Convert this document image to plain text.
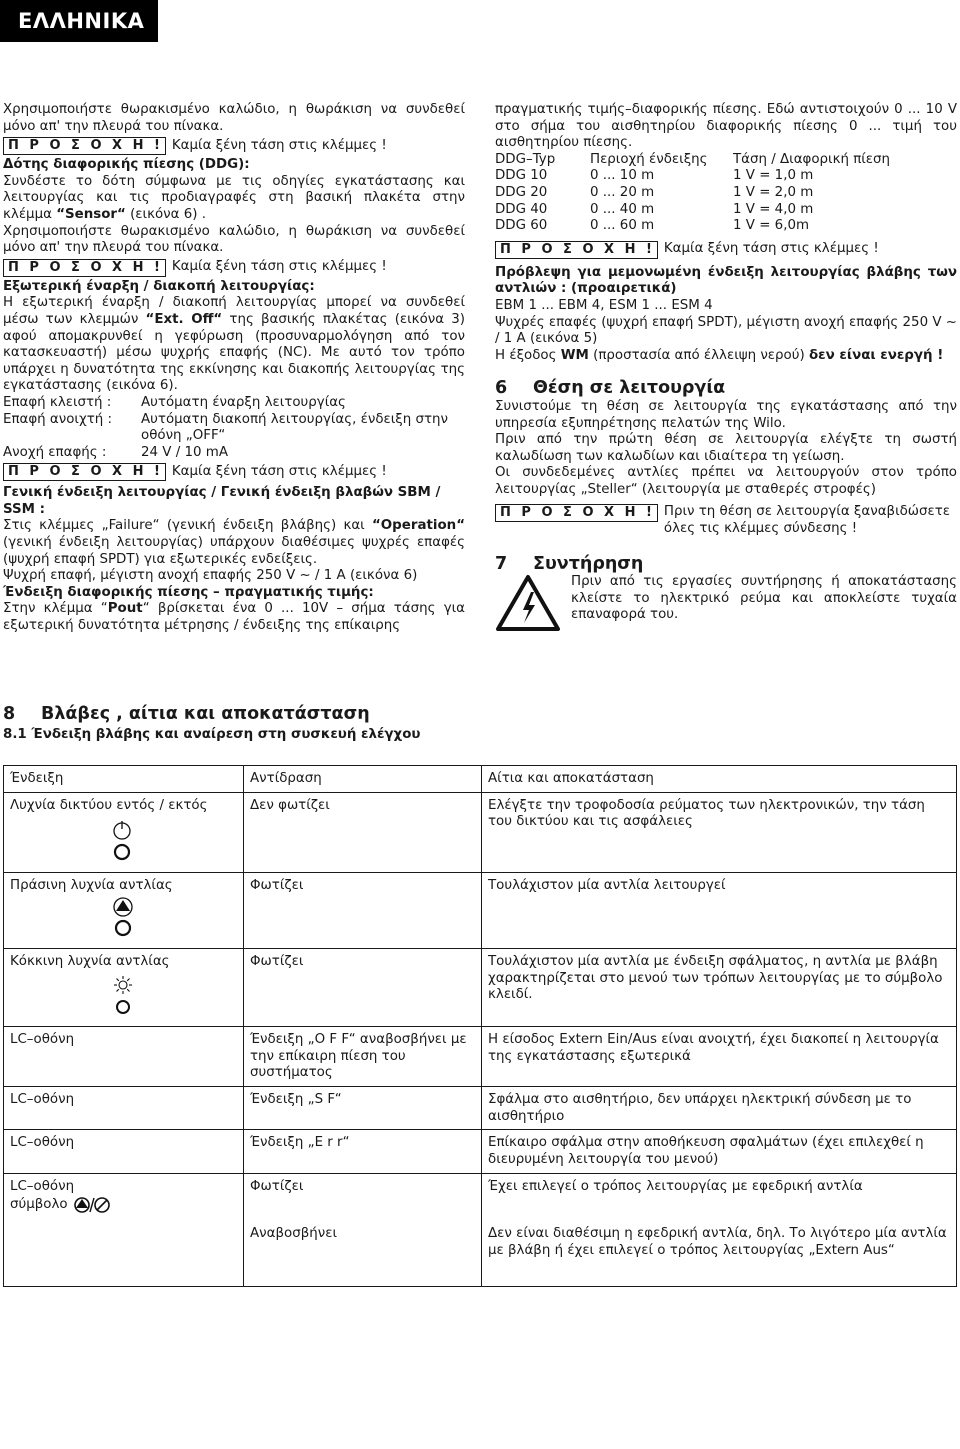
ΕΛΛΗΝΙΚΑ

Χρησιμοποιήστε θωρακισμένο καλώδιο, η θωράκιση να συνδεθεί μόνο απ' την πλευρά του πίνακα.

Π Ρ Ο Σ Ο Χ Η ! Καμία ξένη τάση στις κλέμμες !

Δότης διαφορικής πίεσης (DDG):

Συνδέστε το δότη σύμφωνα με τις οδηγίες εγκατάστασης και λειτουργίας και τις προδιαγραφές στη βασική πλακέτα στην κλέμμα “Sensor“ (εικόνα 6) .

Χρησιμοποιήστε θωρακισμένο καλώδιο, η θωράκιση να συνδεθεί μόνο απ' την πλευρά του πίνακα.

Π Ρ Ο Σ Ο Χ Η ! Καμία ξένη τάση στις κλέμμες !

Εξωτερική έναρξη / διακοπή λειτουργίας:

Η εξωτερική έναρξη / διακοπή λειτουργίας μπορεί να συνδεθεί μέσω των κλεμμών “Ext. Off“ της βασικής πλακέτας (εικόνα 3) αφού απομακρυνθεί η γεφύρωση (προσυναρμολόγηση από τον κατασκευαστή) μέσω ψυχρής επαφής (NC). Με αυτό τον τρόπο υπάρχει η δυνατότητα της εκκίνησης και διακοπής λειτουργίας της εγκατάστασης (εικόνα 6).

Επαφή κλειστή :	Αυτόματη έναρξη λειτουργίας
Επαφή ανοιχτή :	Αυτόματη διακοπή λειτουργίας, ένδειξη στην οθόνη „OFF“
Ανοχή επαφής :	24 V / 10 mA
Π Ρ Ο Σ Ο Χ Η ! Καμία ξένη τάση στις κλέμμες !

Γενική ένδειξη λειτουργίας / Γενική ένδειξη βλαβών SBM / SSM :

Στις κλέμμες „Failure“ (γενική ένδειξη βλάβης) και “Operation“ (γενική ένδειξη λειτουργίας) υπάρχουν διαθέσιμες ψυχρές επαφές (ψυχρή επαφή SPDT) για εξωτερικές ενδείξεις.

Ψυχρή επαφή, μέγιστη ανοχή επαφής 250 V ~ / 1 A (εικόνα 6)

Ένδειξη διαφορικής πίεσης – πραγματικής τιμής:

Στην κλέμμα “Pout“ βρίσκεται ένα 0 ... 10V – σήμα τάσης για εξωτερική δυνατότητα μέτρησης / ένδειξης της επίκαιρης

πραγματικής τιμής–διαφορικής πίεσης. Εδώ αντιστοιχούν 0 ... 10 V στο σήμα του αισθητηρίου διαφορικής πίεσης 0 ... τιμή του αισθητηρίου πίεσης.

DDG–Typ	Περιοχή ένδειξης	Τάση / Διαφορική πίεση
DDG 10	0 ... 10 m	1 V = 1,0 m
DDG 20	0 ... 20 m	1 V = 2,0 m
DDG 40	0 ... 40 m	1 V = 4,0 m
DDG 60	0 ... 60 m	1 V = 6,0m
Π Ρ Ο Σ Ο Χ Η ! Καμία ξένη τάση στις κλέμμες !

Πρόβλεψη για μεμονωμένη ένδειξη λειτουργίας βλάβης των αντλιών : (προαιρετικά)

EBM 1 ... EBM 4, ESM 1 ... ESM 4

Ψυχρές επαφές (ψυχρή επαφή SPDT), μέγιστη ανοχή επαφής 250 V ~ / 1 A (εικόνα 5)

Η έξοδος WM (προστασία από έλλειψη νερού) δεν είναι ενεργή !

6	Θέση σε λειτουργία

Συνιστούμε τη θέση σε λειτουργία της εγκατάστασης από την υπηρεσία εξυπηρέτησης πελατών της Wilo.

Πριν από την πρώτη θέση σε λειτουργία ελέγξτε τη σωστή καλωδίωση των καλωδίων και ιδιαίτερα τη γείωση.

Οι συνδεδεμένες αντλίες πρέπει να λειτουργούν στον τρόπο λειτουργίας „Steller“ (λειτουργία με σταθερές στροφές)

Π Ρ Ο Σ Ο Χ Η ! Πριν τη θέση σε λειτουργία ξαναβιδώσετε όλες τις κλέμμες σύνδεσης !
7	Συντήρηση

Πριν από τις εργασίες συντήρησης ή αποκατάστασης κλείστε το ηλεκτρικό ρεύμα και αποκλείστε τυχαία επαναφορά του.

8	Βλάβες , αίτια και αποκατάσταση

8.1 Ένδειξη βλάβης και αναίρεση στη συσκευή ελέγχου

Ένδειξη	Αντίδραση	Αίτια και αποκατάσταση

Λυχνία δικτύου εντός / εκτός	Δεν φωτίζει	Ελέγξτε την τροφοδοσία ρεύματος των ηλεκτρονικών, την τάση του δικτύου και τις ασφάλειες

Πράσινη λυχνία αντλίας	Φωτίζει	Τουλάχιστον μία αντλία λειτουργεί

Κόκκινη λυχνία αντλίας	Φωτίζει	Τουλάχιστον μία αντλία με ένδειξη σφάλματος, η αντλία με βλάβη χαρακτηρίζεται στο μενού των τρόπων λειτουργίας με το σύμβολο κλειδί.
LC–οθόνη	Ένδειξη „O F F“ αναβοσβήνει με την επίκαιρη πίεση του συστήματος	Η είσοδος Extern Ein/Aus είναι ανοιχτή, έχει διακοπεί η λειτουργία της εγκατάστασης εξωτερικά
LC–οθόνη	Ένδειξη „S F“	Σφάλμα στο αισθητήριο, δεν υπάρχει ηλεκτρική σύνδεση με το αισθητήριο
LC–οθόνη	Ένδειξη „E r r“	Επίκαιρο σφάλμα στην αποθήκευση σφαλμάτων (έχει επιλεχθεί η διευρυμένη λειτουργία του μενού)

LC–οθόνη
σύμβολο	Φωτίζει	Έχει επιλεγεί ο τρόπος λειτουργίας με εφεδρική αντλία
	Αναβοσβήνει	Δεν είναι διαθέσιμη η εφεδρική αντλία, δηλ. Το λιγότερο μία αντλία με βλάβη ή έχει επιλεγεί ο τρόπος λειτουργίας „Extern Aus“
